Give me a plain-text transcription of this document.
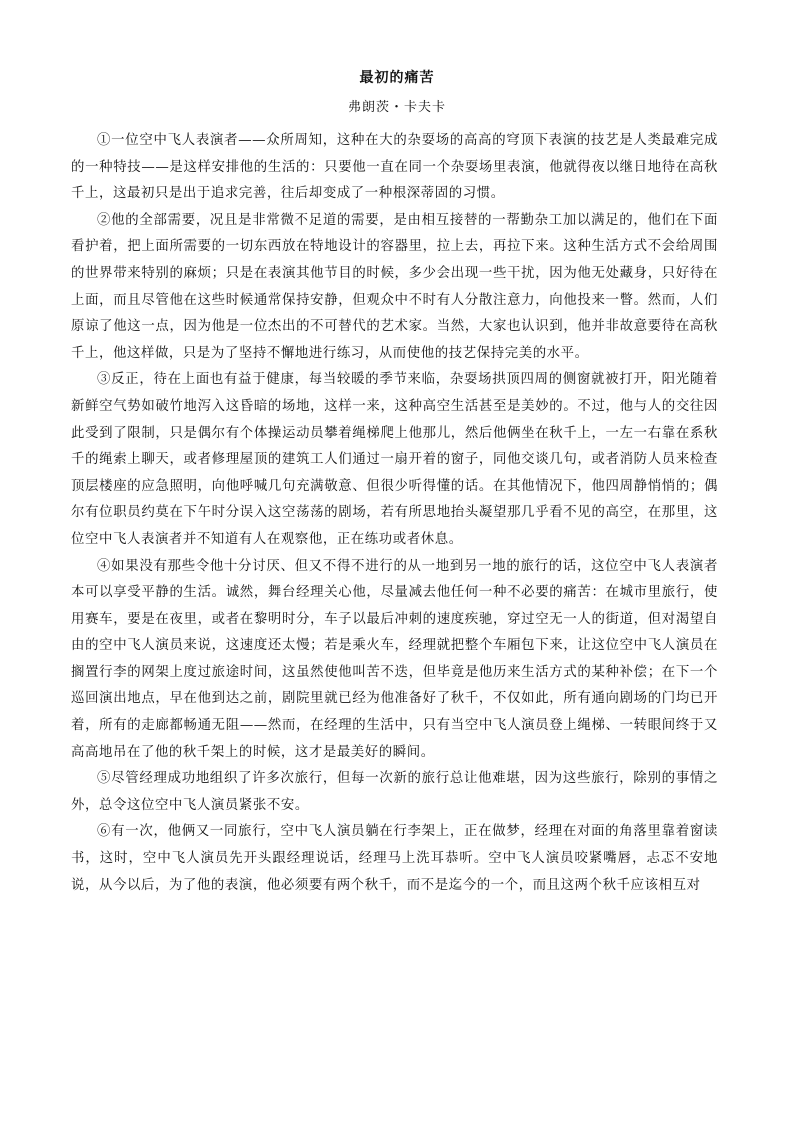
最初的痛苦
弗朗茨・卡夫卡

①一位空中飞人表演者——众所周知，这种在大的杂耍场的高高的穹顶下表演的技艺是人类最难完成的一种特技——是这样安排他的生活的：只要他一直在同一个杂耍场里表演，他就得夜以继日地待在高秋千上，这最初只是出于追求完善，往后却变成了一种根深蒂固的习惯。

②他的全部需要，况且是非常微不足道的需要，是由相互接替的一帮勤杂工加以满足的，他们在下面看护着，把上面所需要的一切东西放在特地设计的容器里，拉上去，再拉下来。这种生活方式不会给周围的世界带来特别的麻烦；只是在表演其他节目的时候，多少会出现一些干扰，因为他无处藏身，只好待在上面，而且尽管他在这些时候通常保持安静，但观众中不时有人分散注意力，向他投来一瞥。然而，人们原谅了他这一点，因为他是一位杰出的不可替代的艺术家。当然，大家也认识到，他并非故意要待在高秋千上，他这样做，只是为了坚持不懈地进行练习，从而使他的技艺保持完美的水平。

③反正，待在上面也有益于健康，每当较暖的季节来临，杂耍场拱顶四周的侧窗就被打开，阳光随着新鲜空气势如破竹地泻入这昏暗的场地，这样一来，这种高空生活甚至是美妙的。不过，他与人的交往因此受到了限制，只是偶尔有个体操运动员攀着绳梯爬上他那儿，然后他俩坐在秋千上，一左一右靠在系秋千的绳索上聊天，或者修理屋顶的建筑工人们通过一扇开着的窗子，同他交谈几句，或者消防人员来检查顶层楼座的应急照明，向他呼喊几句充满敬意、但很少听得懂的话。在其他情况下，他四周静悄悄的；偶尔有位职员约莫在下午时分误入这空荡荡的剧场，若有所思地抬头凝望那几乎看不见的高空，在那里，这位空中飞人表演者并不知道有人在观察他，正在练功或者休息。

④如果没有那些令他十分讨厌、但又不得不进行的从一地到另一地的旅行的话，这位空中飞人表演者本可以享受平静的生活。诚然，舞台经理关心他，尽量减去他任何一种不必要的痛苦：在城市里旅行，使用赛车，要是在夜里，或者在黎明时分，车子以最后冲刺的速度疾驰，穿过空无一人的街道，但对渴望自由的空中飞人演员来说，这速度还太慢；若是乘火车，经理就把整个车厢包下来，让这位空中飞人演员在搁置行李的网架上度过旅途时间，这虽然使他叫苦不迭，但毕竟是他历来生活方式的某种补偿；在下一个巡回演出地点，早在他到达之前，剧院里就已经为他准备好了秋千，不仅如此，所有通向剧场的门均已开着，所有的走廊都畅通无阻——然而，在经理的生活中，只有当空中飞人演员登上绳梯、一转眼间终于又高高地吊在了他的秋千架上的时候，这才是最美好的瞬间。

⑤尽管经理成功地组织了许多次旅行，但每一次新的旅行总让他难堪，因为这些旅行，除别的事情之外，总令这位空中飞人演员紧张不安。

⑥有一次，他俩又一同旅行，空中飞人演员躺在行李架上，正在做梦，经理在对面的角落里靠着窗读书，这时，空中飞人演员先开头跟经理说话，经理马上洗耳恭听。空中飞人演员咬紧嘴唇，忐忑不安地说，从今以后，为了他的表演，他必须要有两个秋千，而不是迄今的一个，而且这两个秋千应该相互对
